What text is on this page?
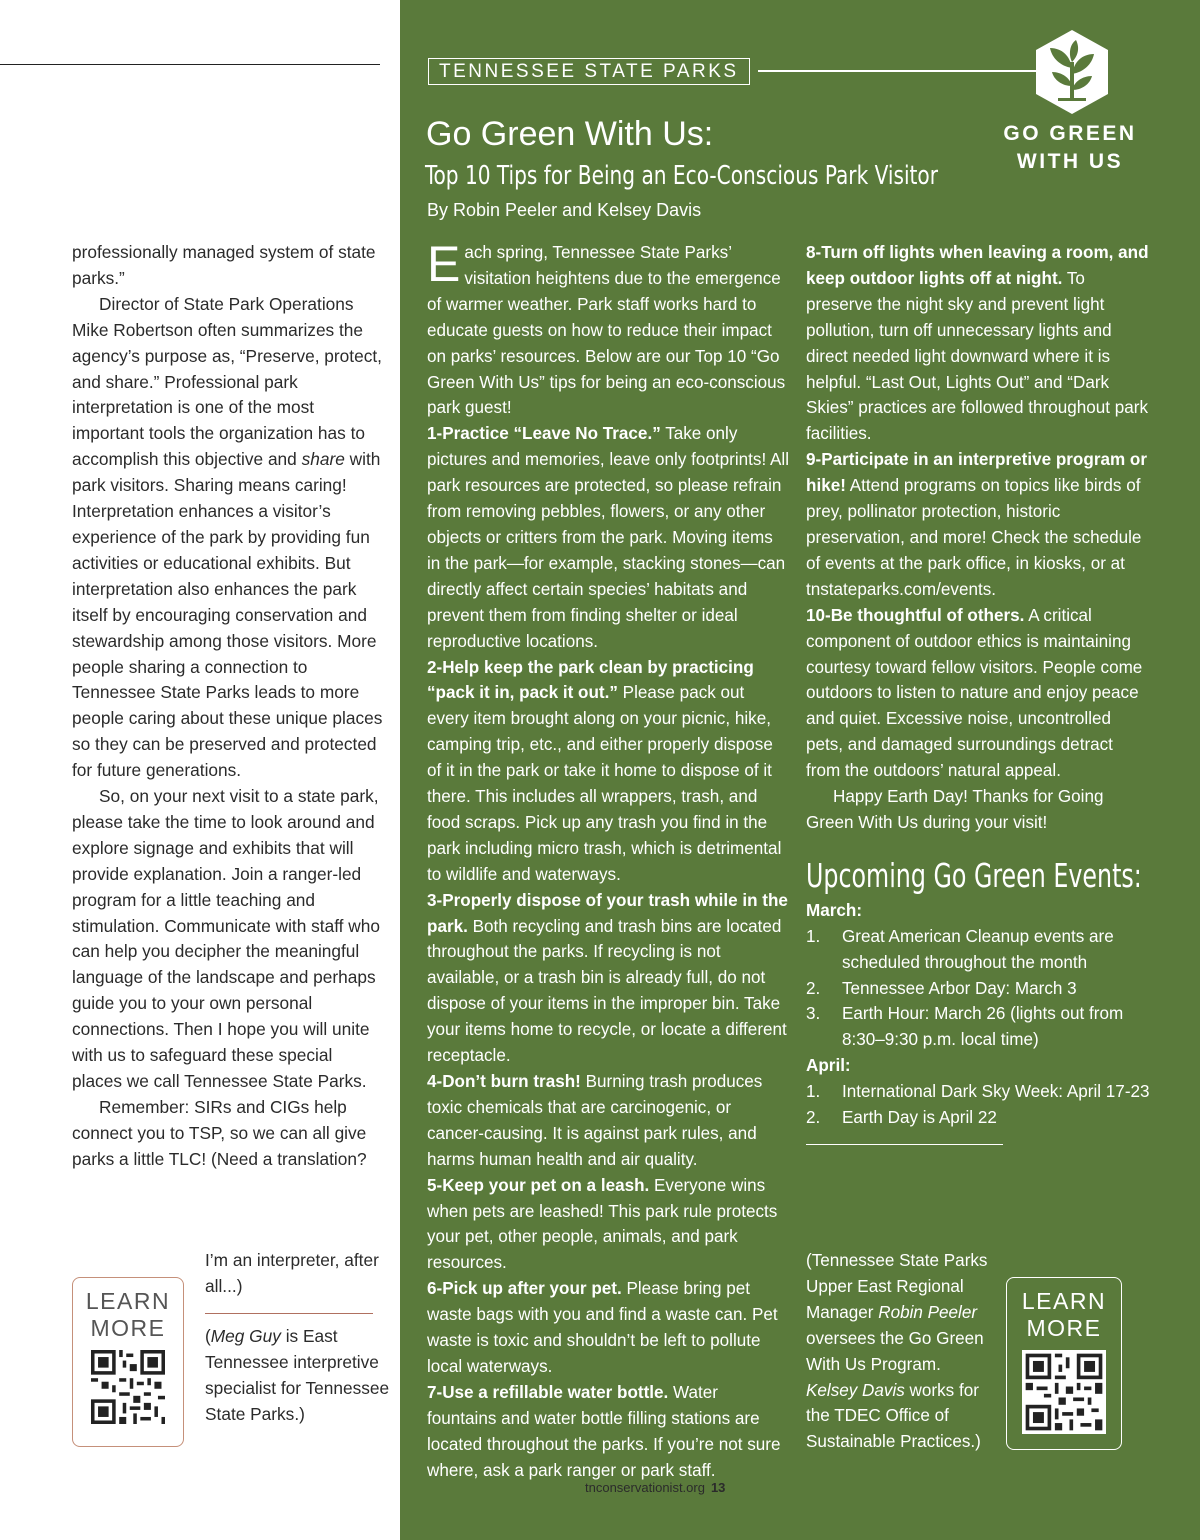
professionally managed system of state parks.”

Director of State Park Operations Mike Robertson often summarizes the agency’s purpose as, “Preserve, protect, and share.” Professional park interpretation is one of the most important tools the organization has to accomplish this objective and share with park visitors. Sharing means caring! Interpretation enhances a visitor’s experience of the park by providing fun activities or educational exhibits. But interpretation also enhances the park itself by encouraging conservation and stewardship among those visitors. More people sharing a connection to Tennessee State Parks leads to more people caring about these unique places so they can be preserved and protected for future generations.

So, on your next visit to a state park, please take the time to look around and explore signage and exhibits that will provide explanation. Join a ranger-led program for a little teaching and stimulation. Communicate with staff who can help you decipher the meaningful language of the landscape and perhaps guide you to your own personal connections. Then I hope you will unite with us to safeguard these special places we call Tennessee State Parks.

Remember: SIRs and CIGs help connect you to TSP, so we can all give parks a little TLC! (Need a translation?

I’m an interpreter, after all...)

(Meg Guy is East Tennessee interpretive specialist for Tennessee State Parks.)

LEARN MORE
TENNESSEE STATE PARKS
GO GREEN
WITH US
Go Green With Us:
Top 10 Tips for Being an Eco-Conscious Park Visitor
By Robin Peeler and Kelsey Davis

Each spring, Tennessee State Parks’ visitation heightens due to the emergence of warmer weather. Park staff works hard to educate guests on how to reduce their impact on parks’ resources. Below are our Top 10 “Go Green With Us” tips for being an eco-conscious park guest!

1-Practice “Leave No Trace.” Take only pictures and memories, leave only footprints! All park resources are protected, so please refrain from removing pebbles, flowers, or any other objects or critters from the park. Moving items in the park—for example, stacking stones—can directly affect certain species’ habitats and prevent them from finding shelter or ideal reproductive locations.

2-Help keep the park clean by practicing “pack it in, pack it out.” Please pack out every item brought along on your picnic, hike, camping trip, etc., and either properly dispose of it in the park or take it home to dispose of it there. This includes all wrappers, trash, and food scraps. Pick up any trash you find in the park including micro trash, which is detrimental to wildlife and waterways.

3-Properly dispose of your trash while in the park. Both recycling and trash bins are located throughout the parks. If recycling is not available, or a trash bin is already full, do not dispose of your items in the improper bin. Take your items home to recycle, or locate a different receptacle.

4-Don’t burn trash! Burning trash produces toxic chemicals that are carcinogenic, or cancer-causing. It is against park rules, and harms human health and air quality.

5-Keep your pet on a leash. Everyone wins when pets are leashed! This park rule protects your pet, other people, animals, and park resources.

6-Pick up after your pet. Please bring pet waste bags with you and find a waste can. Pet waste is toxic and shouldn’t be left to pollute local waterways.

7-Use a refillable water bottle. Water fountains and water bottle filling stations are located throughout the parks. If you’re not sure where, ask a park ranger or park staff.

8-Turn off lights when leaving a room, and keep outdoor lights off at night. To preserve the night sky and prevent light pollution, turn off unnecessary lights and direct needed light downward where it is helpful. “Last Out, Lights Out” and “Dark Skies” practices are followed throughout park facilities.

9-Participate in an interpretive program or hike! Attend programs on topics like birds of prey, pollinator protection, historic preservation, and more! Check the schedule of events at the park office, in kiosks, or at tnstateparks.com/events.

10-Be thoughtful of others. A critical component of outdoor ethics is maintaining courtesy toward fellow visitors. People come outdoors to listen to nature and enjoy peace and quiet. Excessive noise, uncontrolled pets, and damaged surroundings detract from the outdoors’ natural appeal.

Happy Earth Day! Thanks for Going Green With Us during your visit!

Upcoming Go Green Events:
March:
1.	Great American Cleanup events are scheduled throughout the month
2.	Tennessee Arbor Day: March 3
3.	Earth Hour: March 26 (lights out from 8:30–9:30 p.m. local time)
April:
1.	International Dark Sky Week: April 17-23
2.	Earth Day is April 22

(Tennessee State Parks Upper East Regional Manager Robin Peeler oversees the Go Green With Us Program. Kelsey Davis works for the TDEC Office of Sustainable Practices.)

LEARN MORE
tnconservationist.org 13
